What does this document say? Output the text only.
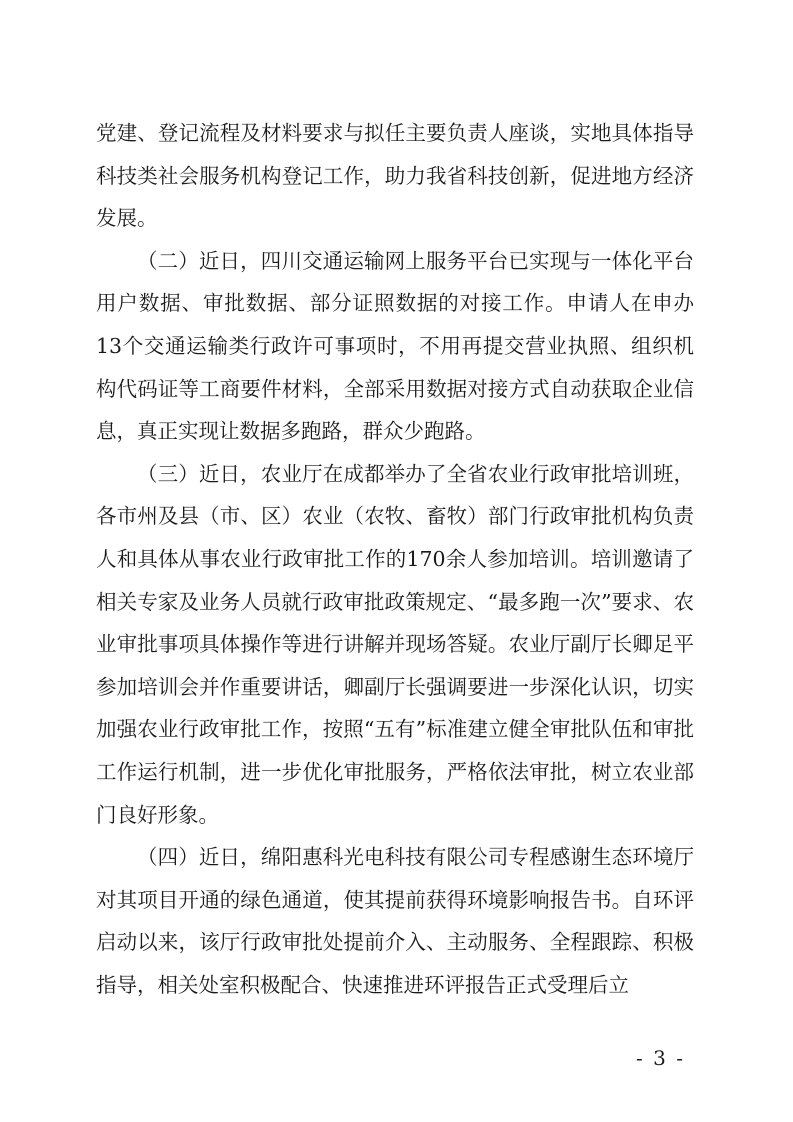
党建、登记流程及材料要求与拟任主要负责人座谈，实地具体指导科技类社会服务机构登记工作，助力我省科技创新，促进地方经济发展。

（二）近日，四川交通运输网上服务平台已实现与一体化平台用户数据、审批数据、部分证照数据的对接工作。申请人在申办13个交通运输类行政许可事项时，不用再提交营业执照、组织机构代码证等工商要件材料，全部采用数据对接方式自动获取企业信息，真正实现让数据多跑路，群众少跑路。

（三）近日，农业厅在成都举办了全省农业行政审批培训班，各市州及县（市、区）农业（农牧、畜牧）部门行政审批机构负责人和具体从事农业行政审批工作的170余人参加培训。培训邀请了相关专家及业务人员就行政审批政策规定、“最多跑一次”要求、农业审批事项具体操作等进行讲解并现场答疑。农业厅副厅长卿足平参加培训会并作重要讲话，卿副厅长强调要进一步深化认识，切实加强农业行政审批工作，按照“五有”标准建立健全审批队伍和审批工作运行机制，进一步优化审批服务，严格依法审批，树立农业部门良好形象。

（四）近日，绵阳惠科光电科技有限公司专程感谢生态环境厅对其项目开通的绿色通道，使其提前获得环境影响报告书。自环评启动以来，该厅行政审批处提前介入、主动服务、全程跟踪、积极指导，相关处室积极配合、快速推进环评报告正式受理后立

- 3 -
